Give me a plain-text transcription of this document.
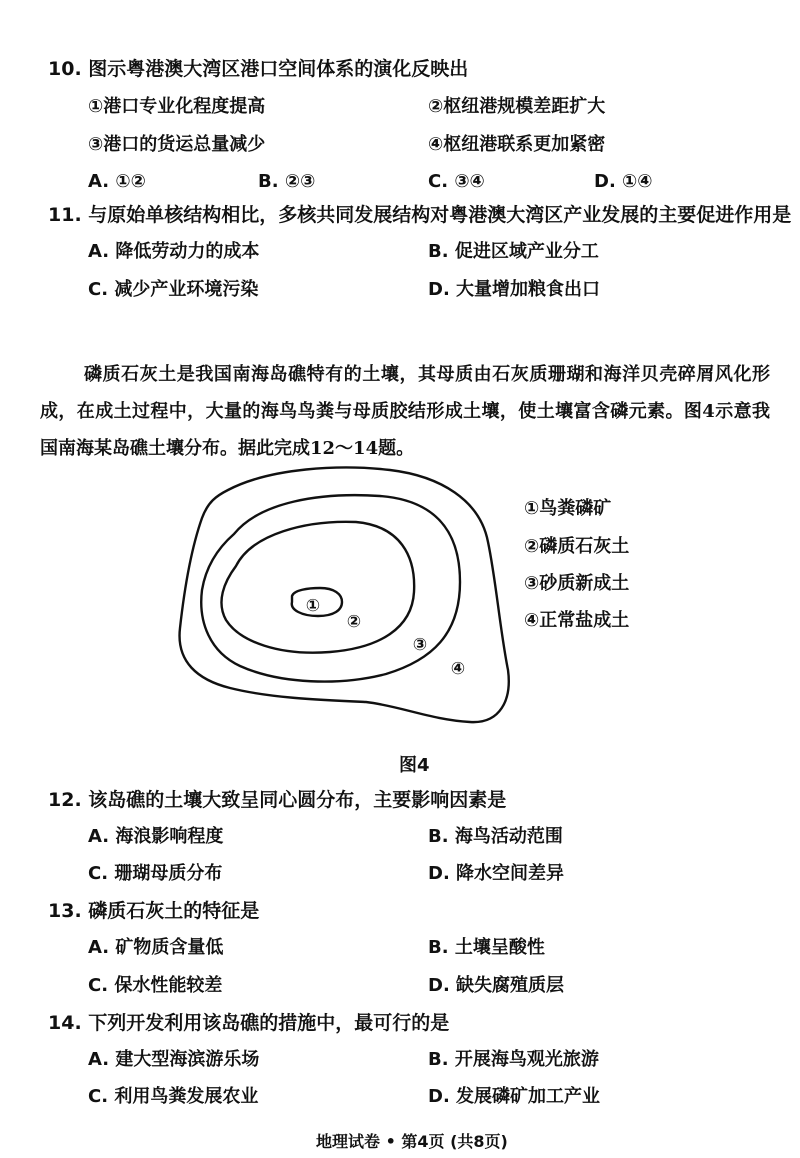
10. 图示粤港澳大湾区港口空间体系的演化反映出
①港口专业化程度提高	②枢纽港规模差距扩大
③港口的货运总量减少	④枢纽港联系更加紧密
A. ①②	B. ②③	C. ③④	D. ①④
11. 与原始单核结构相比，多核共同发展结构对粤港澳大湾区产业发展的主要促进作用是
A. 降低劳动力的成本	B. 促进区域产业分工
C. 减少产业环境污染	D. 大量增加粮食出口
磷质石灰土是我国南海岛礁特有的土壤，其母质由石灰质珊瑚和海洋贝壳碎屑风化形成，在成土过程中，大量的海鸟鸟粪与母质胶结形成土壤，使土壤富含磷元素。图4示意我国南海某岛礁土壤分布。据此完成12～14题。
①
②
③
④
①鸟粪磷矿
②磷质石灰土
③砂质新成土
④正常盐成土
图4
12. 该岛礁的土壤大致呈同心圆分布，主要影响因素是
A. 海浪影响程度	B. 海鸟活动范围
C. 珊瑚母质分布	D. 降水空间差异
13. 磷质石灰土的特征是
A. 矿物质含量低	B. 土壤呈酸性
C. 保水性能较差	D. 缺失腐殖质层
14. 下列开发利用该岛礁的措施中，最可行的是
A. 建大型海滨游乐场	B. 开展海鸟观光旅游
C. 利用鸟粪发展农业	D. 发展磷矿加工产业
地理试卷 • 第4页 (共8页)
